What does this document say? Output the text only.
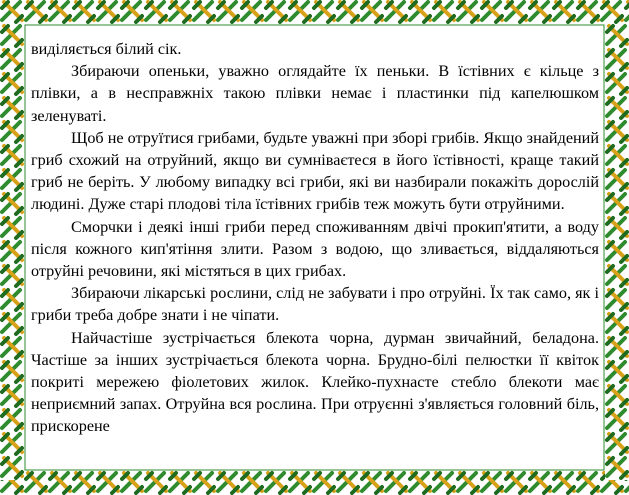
виділяється білий сік.

Збираючи опеньки, уважно оглядайте їх пеньки. В їстівних є кільце з плівки, а в несправжніх такою плівки немає і пластинки під капелюшком зеленуваті.

Щоб не отруїтися грибами, будьте уважні при зборі грибів. Якщо знайдений гриб схожий на отруйний, якщо ви сумніваєтеся в його їстівності, краще такий гриб не беріть. У любому випадку всі гриби, які ви назбирали покажіть дорослій людині. Дуже старі плодові тіла їстівних грибів теж можуть бути отруйними.

Сморчки і деякі інші гриби перед споживанням двічі прокип'ятити, а воду після кожного кип'ятіння злити. Разом з водою, що зливається, віддаляються отруйні речовини, які містяться в цих грибах.

Збираючи лікарські рослини, слід не забувати і про отруйні. Їх так само, як і гриби треба добре знати і не чіпати.

Найчастіше зустрічається блекота чорна, дурман звичайний, беладона. Частіше за інших зустрічається блекота чорна. Брудно-білі пелюстки її квіток покриті мережею фіолетових жилок. Клейко-пухнасте стебло блекоти має неприємний запах. Отруйна вся рослина. При отруєнні з'являється головний біль, прискорене
